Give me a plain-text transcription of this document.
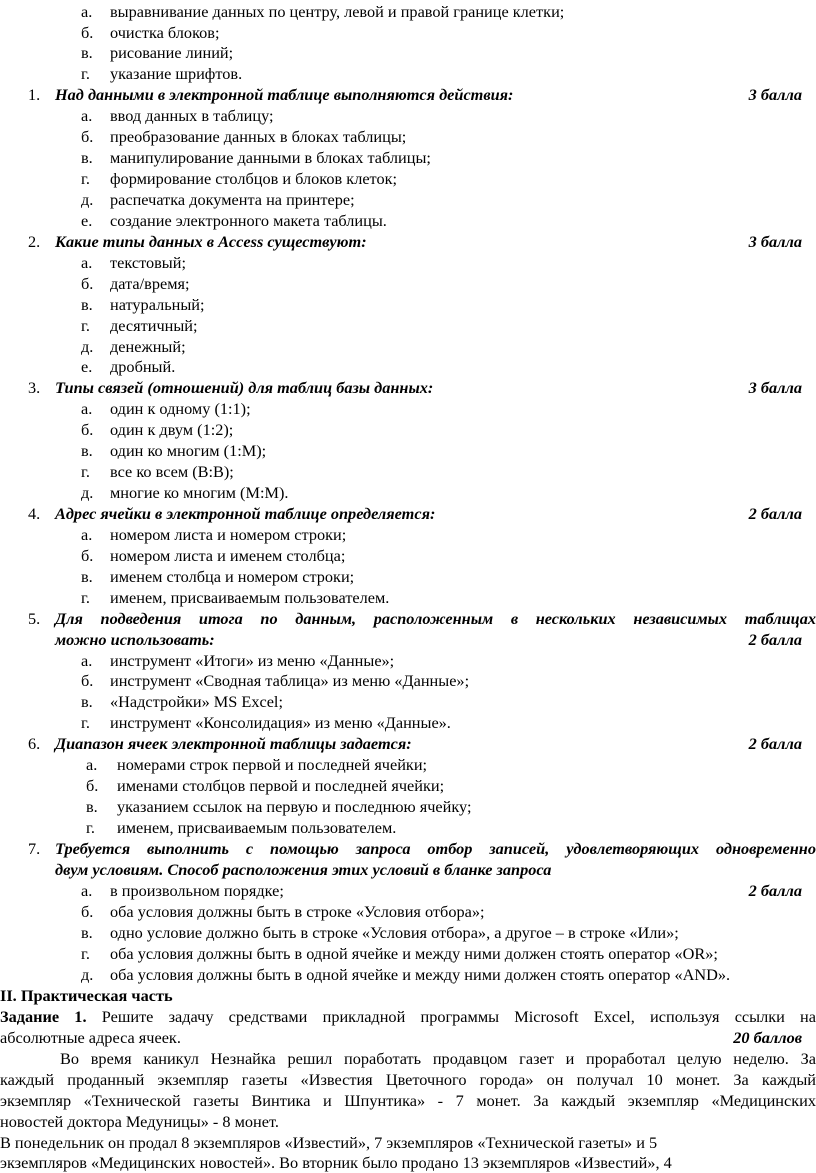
а. выравнивание данных по центру, левой и правой границе клетки;
б. очистка блоков;
в. рисование линий;
г. указание шрифтов.
1. Над данными в электронной таблице выполняются действия:	3 балла
а. ввод данных в таблицу;
б. преобразование данных в блоках таблицы;
в. манипулирование данными в блоках таблицы;
г. формирование столбцов и блоков клеток;
д. распечатка документа на принтере;
е. создание электронного макета таблицы.
2. Какие типы данных в Access существуют:	3 балла
а. текстовый;
б. дата/время;
в. натуральный;
г. десятичный;
д. денежный;
е. дробный.
3. Типы связей (отношений) для таблиц базы данных:	3 балла
а. один к одному (1:1);
б. один к двум (1:2);
в. один ко многим (1:М);
г. все ко всем (В:В);
д. многие ко многим (М:М).
4. Адрес ячейки в электронной таблице определяется:	2 балла
а. номером листа и номером строки;
б. номером листа и именем столбца;
в. именем столбца и номером строки;
г. именем, присваиваемым пользователем.
5. Для подведения итога по данным, расположенным в нескольких независимых таблицах
можно использовать:	2 балла
а. инструмент «Итоги» из меню «Данные»;
б. инструмент «Сводная таблица» из меню «Данные»;
в. «Надстройки» MS Excel;
г. инструмент «Консолидация» из меню «Данные».
6. Диапазон ячеек электронной таблицы задается:	2 балла
а. номерами строк первой и последней ячейки;
б. именами столбцов первой и последней ячейки;
в. указанием ссылок на первую и последнюю ячейку;
г. именем, присваиваемым пользователем.
7. Требуется выполнить с помощью запроса отбор записей, удовлетворяющих одновременно
двум условиям. Способ расположения этих условий в бланке запроса
а. в произвольном порядке;	2 балла
б. оба условия должны быть в строке «Условия отбора»;
в. одно условие должно быть в строке «Условия отбора», а другое – в строке «Или»;
г. оба условия должны быть в одной ячейке и между ними должен стоять оператор «OR»;
д. оба условия должны быть в одной ячейке и между ними должен стоять оператор «AND».
II. Практическая часть
Задание 1. Решите задачу средствами прикладной программы Microsoft Excel, используя ссылки на
абсолютные адреса ячеек.	20 баллов
Во время каникул Незнайка решил поработать продавцом газет и проработал целую неделю. За
каждый проданный экземпляр газеты «Известия Цветочного города» он получал 10 монет. За каждый
экземпляр «Технической газеты Винтика и Шпунтика» - 7 монет. За каждый экземпляр «Медицинских
новостей доктора Медуницы» - 8 монет.
В понедельник он продал 8 экземпляров «Известий», 7 экземпляров «Технической газеты» и 5
экземпляров «Медицинских новостей». Во вторник было продано 13 экземпляров «Известий», 4
